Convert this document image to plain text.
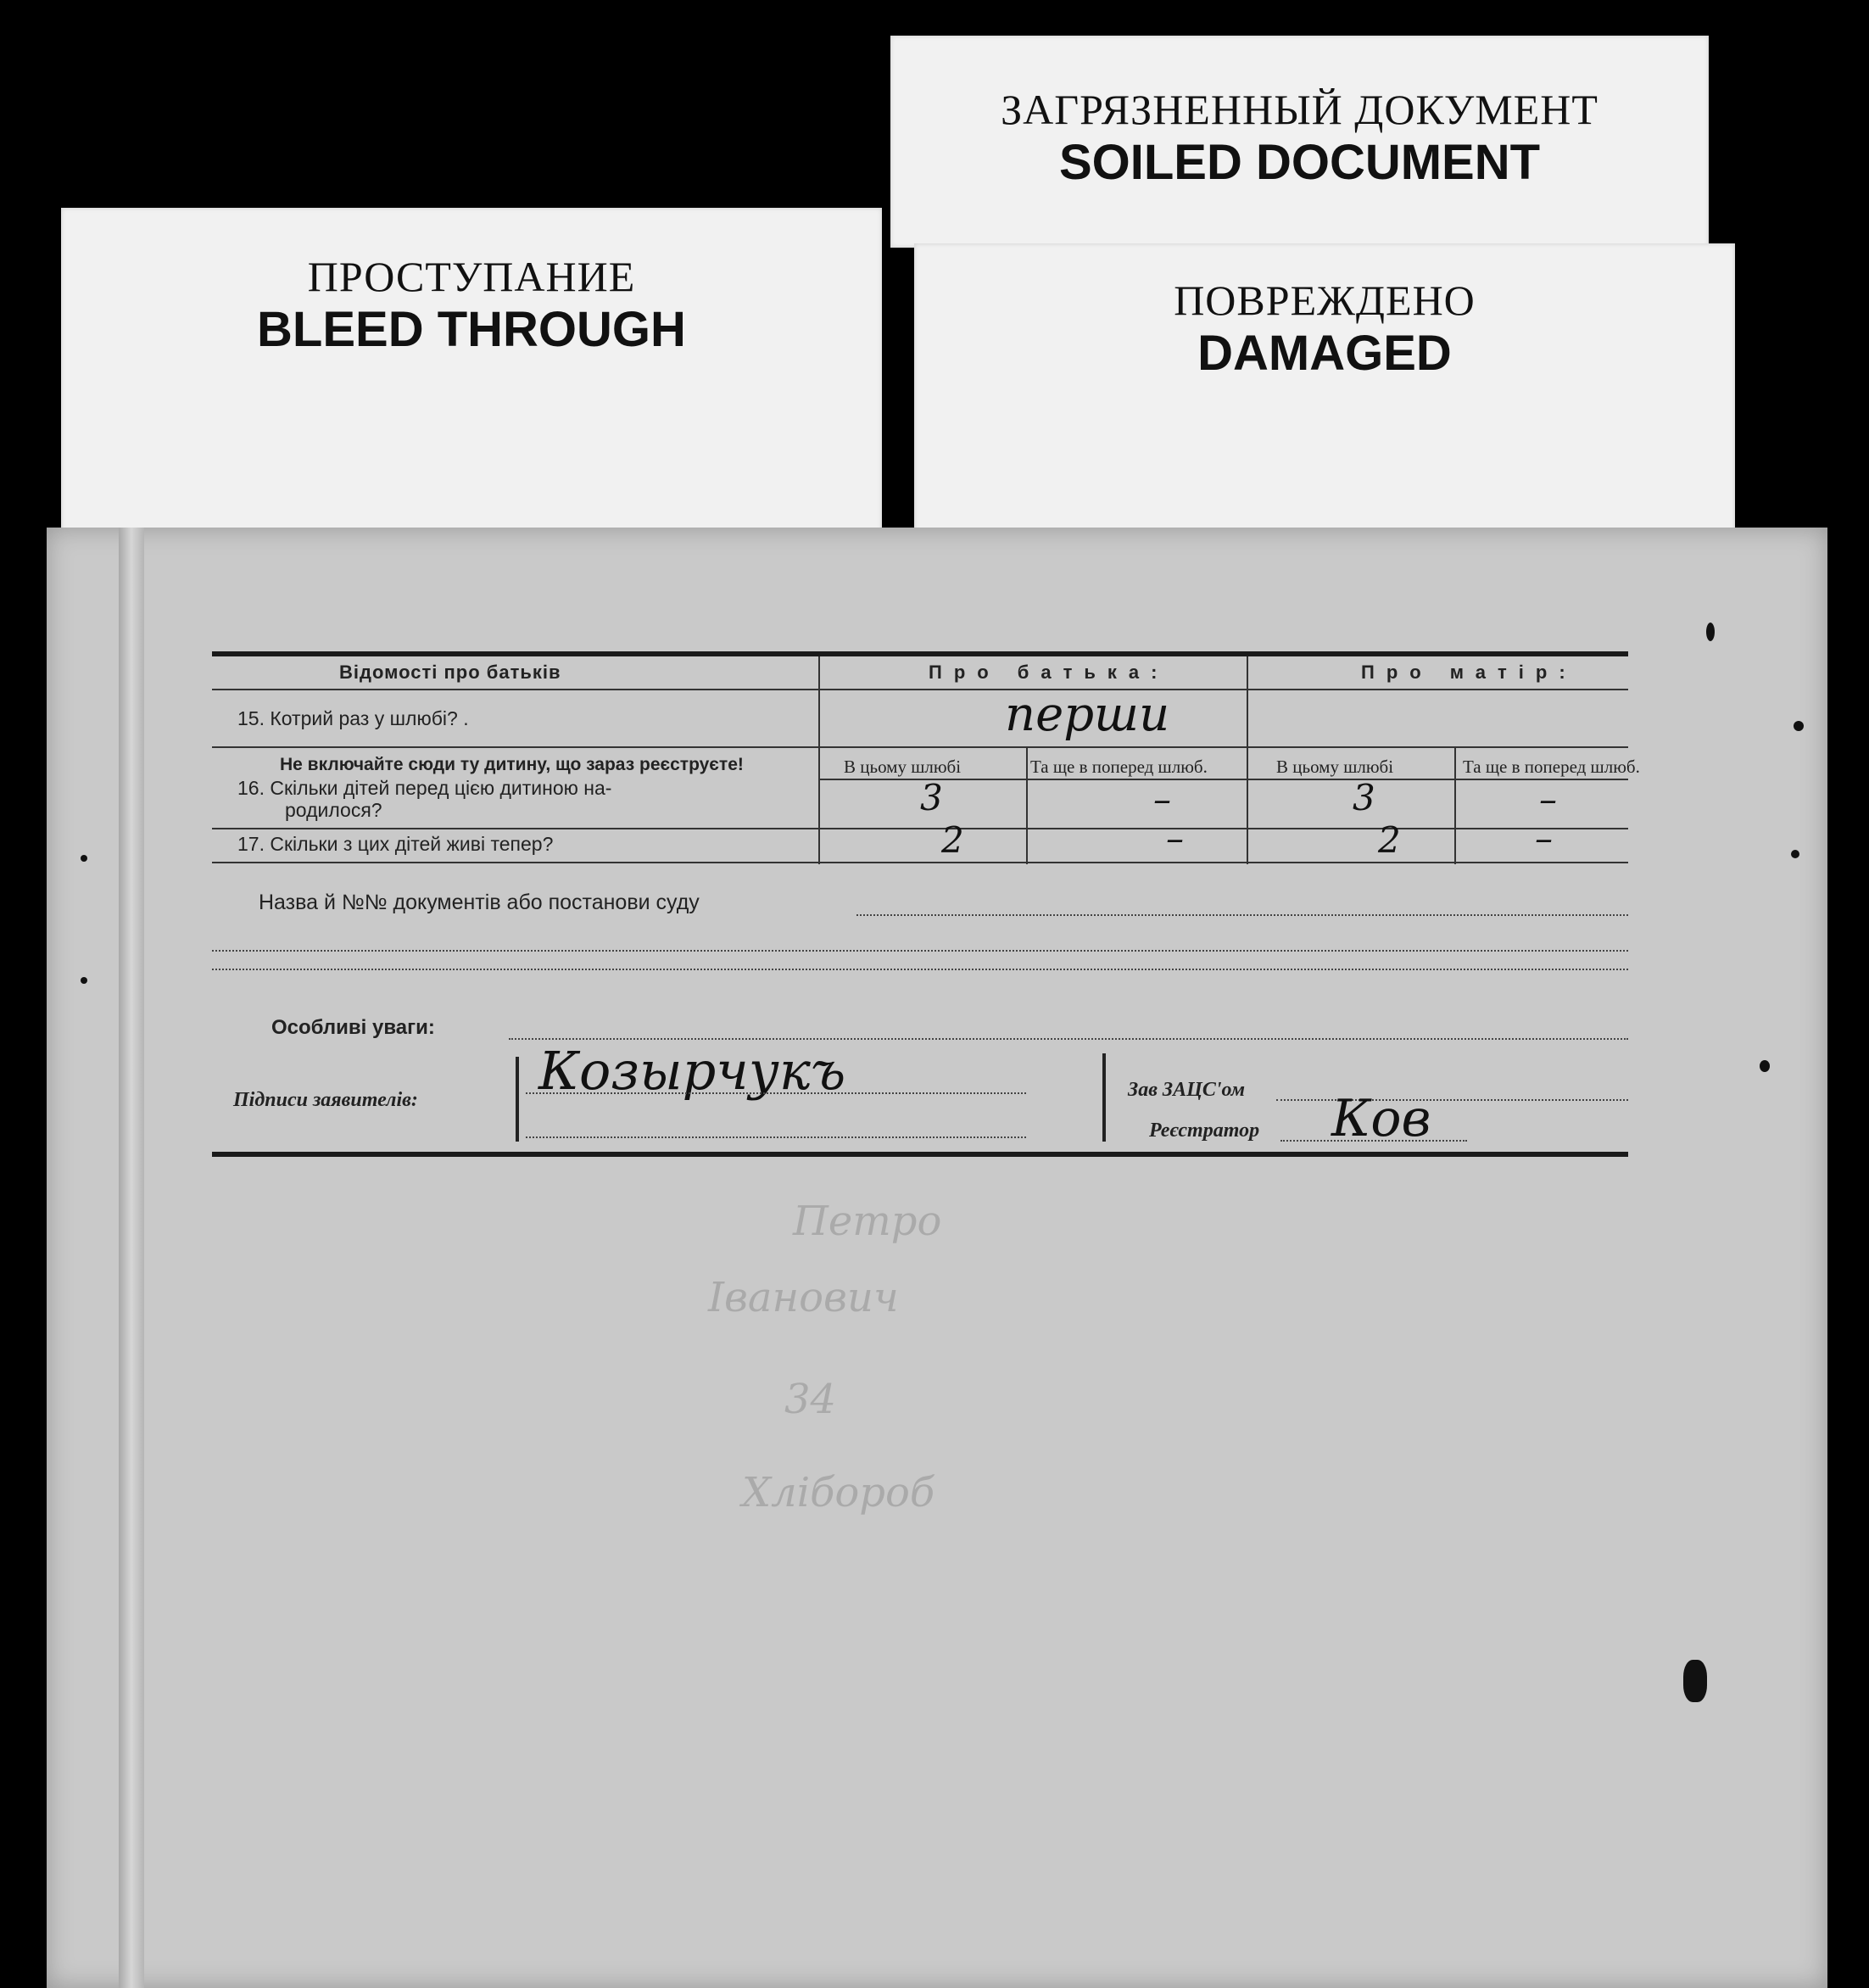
ЗАГРЯЗНЕННЫЙ ДОКУМЕНТ
SOILED DOCUMENT
ПРОСТУПАНИЕ
BLEED THROUGH
ПОВРЕЖДЕНО
DAMAGED
Петро
Іванович
34
Хлібороб
Відомості про батьків	Про батька:	Про матір:
15. Котрий раз у шлюбі? .	перши
Не включайте сюди ту дитину, що зараз реєструєте!
16. Скільки дітей перед цією дитиною на-
родилося?
В цьому шлюбі	Та ще в поперед шлюб.	В цьому шлюбі	Та ще в поперед шлюб.
3	–	3	–
17. Скільки з цих дітей живі тепер?	2	–	2	–
Назва й №№ документів або постанови суду
Особливі уваги:
Підписи заявителів: Козырчукъ	Зав ЗАЦС'ом
Реєстратор Ков
